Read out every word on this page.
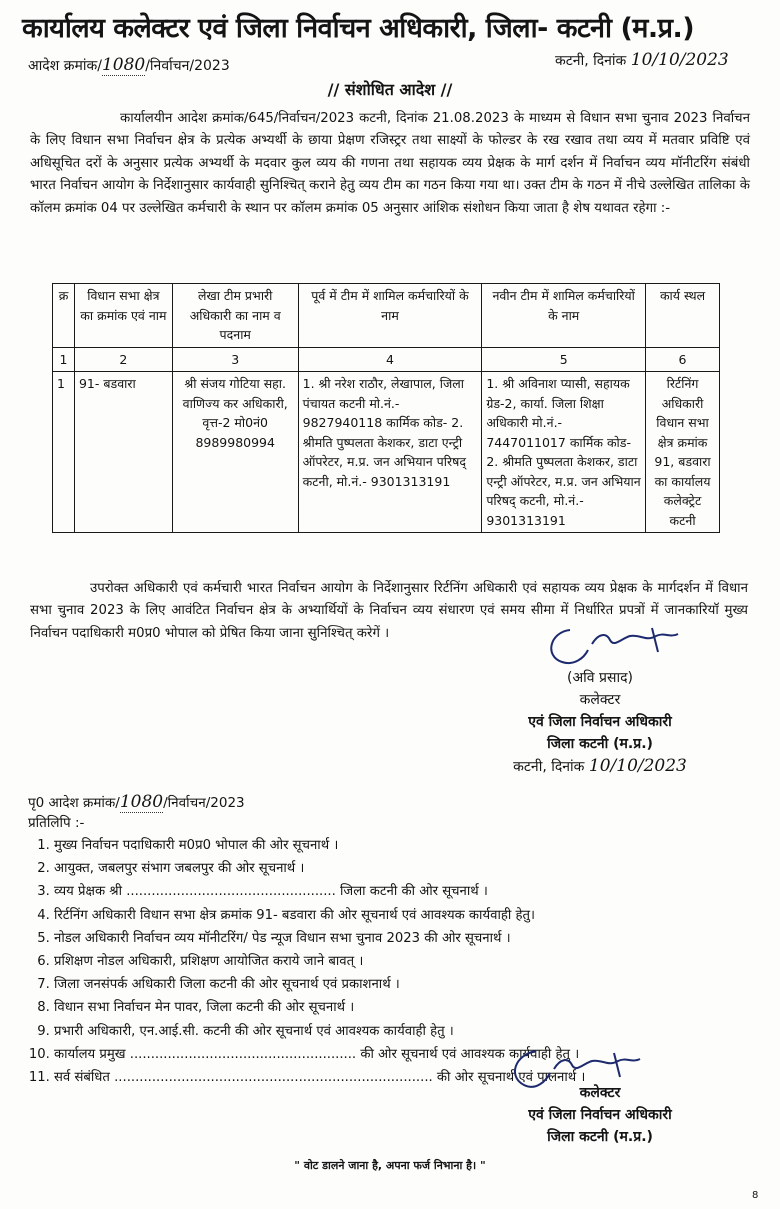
कार्यालय कलेक्टर एवं जिला निर्वाचन अधिकारी, जिला- कटनी (म.प्र.)
आदेश क्रमांक/1080/निर्वाचन/2023	कटनी, दिनांक 10/10/2023
// संशोधित आदेश //
कार्यालयीन आदेश क्रमांक/645/निर्वाचन/2023 कटनी, दिनांक 21.08.2023 के माध्यम से विधान सभा चुनाव 2023 निर्वाचन के लिए विधान सभा निर्वाचन क्षेत्र के प्रत्येक अभ्यर्थी के छाया प्रेक्षण रजिस्ट्रर तथा साक्ष्यों के फोल्डर के रख रखाव तथा व्यय में मतवार प्रविष्टि एवं अधिसूचित दरों के अनुसार प्रत्येक अभ्यर्थी के मदवार कुल व्यय की गणना तथा सहायक व्यय प्रेक्षक के मार्ग दर्शन में निर्वाचन व्यय मॉनीटरिंग संबंधी भारत निर्वाचन आयोग के निर्देशानुसार कार्यवाही सुनिश्चित् कराने हेतु व्यय टीम का गठन किया गया था। उक्त टीम के गठन में नीचे उल्लेखित तालिका के कॉलम क्रमांक 04 पर उल्लेखित कर्मचारी के स्थान पर कॉलम क्रमांक 05 अनुसार आंशिक संशोधन किया जाता है शेष यथावत रहेगा :-
क्र	विधान सभा क्षेत्र का क्रमांक एवं नाम	लेखा टीम प्रभारी अधिकारी का नाम व पदनाम	पूर्व में टीम में शामिल कर्मचारियों के नाम	नवीन टीम में शामिल कर्मचारियों के नाम	कार्य स्थल
1	2	3	4	5	6
1	91- बडवारा	श्री संजय गोटिया सहा. वाणिज्य कर अधिकारी, वृत्त-2 मो0नं0 8989980994	1. श्री नरेश राठौर, लेखापाल, जिला पंचायत कटनी मो.नं.- 9827940118 कार्मिक कोड- 2. श्रीमति पुष्पलता केशकर, डाटा एन्ट्री ऑपरेटर, म.प्र. जन अभियान परिषद् कटनी, मो.नं.- 9301313191	1. श्री अविनाश प्यासी, सहायक ग्रेड-2, कार्या. जिला शिक्षा अधिकारी मो.नं.- 7447011017 कार्मिक कोड- 2. श्रीमति पुष्पलता केशकर, डाटा एन्ट्री ऑपरेटर, म.प्र. जन अभियान परिषद् कटनी, मो.नं.- 9301313191	रिर्टनिंग अधिकारी विधान सभा क्षेत्र क्रमांक 91, बडवारा का कार्यालय कलेक्ट्रेट कटनी
उपरोक्त अधिकारी एवं कर्मचारी भारत निर्वाचन आयोग के निर्देशानुसार रिर्टनिंग अधिकारी एवं सहायक व्यय प्रेक्षक के मार्गदर्शन में विधान सभा चुनाव 2023 के लिए आवंटित निर्वाचन क्षेत्र के अभ्यार्थियों के निर्वाचन व्यय संधारण एवं समय सीमा में निर्धारित प्रपत्रों में जानकारियॉ मुख्य निर्वाचन पदाधिकारी म0प्र0 भोपाल को प्रेषित किया जाना सुनिश्चित् करेगें ।
(अवि प्रसाद)
कलेक्टर
एवं जिला निर्वाचन अधिकारी
जिला कटनी (म.प्र.)
कटनी, दिनांक 10/10/2023
पृ0 आदेश क्रमांक/1080/निर्वाचन/2023
प्रतिलिपि :-
1. मुख्य निर्वाचन पदाधिकारी म0प्र0 भोपाल की ओर सूचनार्थ ।
2. आयुक्त, जबलपुर संभाग जबलपुर की ओर सूचनार्थ ।
3. व्यय प्रेक्षक श्री .................................................. जिला कटनी की ओर सूचनार्थ ।
4. रिर्टनिंग अधिकारी विधान सभा क्षेत्र क्रमांक 91- बडवारा की ओर सूचनार्थ एवं आवश्यक कार्यवाही हेतु।
5. नोडल अधिकारी निर्वाचन व्यय मॉनीटरिंग/ पेड न्यूज विधान सभा चुनाव 2023 की ओर सूचनार्थ ।
6. प्रशिक्षण नोडल अधिकारी, प्रशिक्षण आयोजित कराये जाने बावत् ।
7. जिला जनसंपर्क अधिकारी जिला कटनी की ओर सूचनार्थ एवं प्रकाशनार्थ ।
8. विधान सभा निर्वाचन मेन पावर, जिला कटनी की ओर सूचनार्थ ।
9. प्रभारी अधिकारी, एन.आई.सी. कटनी की ओर सूचनार्थ एवं आवश्यक कार्यवाही हेतु ।
10. कार्यालय प्रमुख ...................................................... की ओर सूचनार्थ एवं आवश्यक कार्यवाही हेतु ।
11. सर्व संबंधित ............................................................................ की ओर सूचनार्थ एवं पालनार्थ ।
कलेक्टर
एवं जिला निर्वाचन अधिकारी
जिला कटनी (म.प्र.)
" वोट डालने जाना है, अपना फर्ज निभाना है। "
8
